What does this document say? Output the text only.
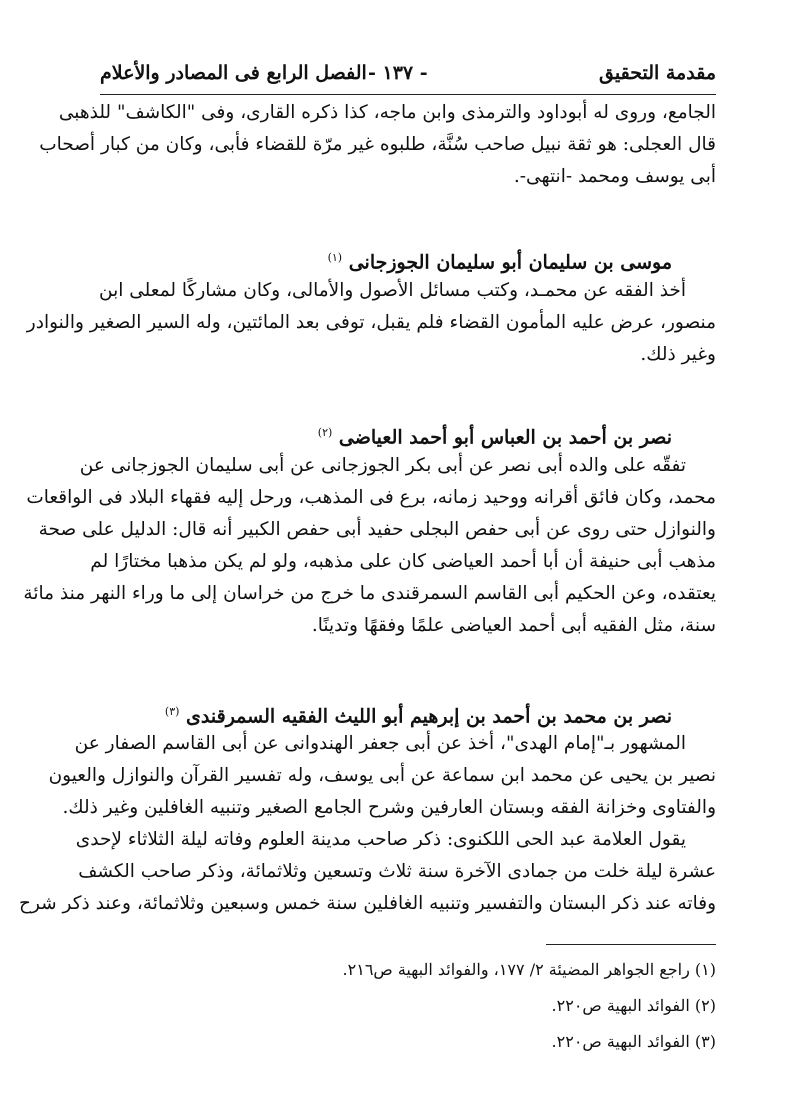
مقدمة التحقيق
- ١٣٧ -
الفصل الرابع فى المصادر والأعلام
الجامع، وروى له أبوداود والترمذى وابن ماجه، كذا ذكره القارى، وفى "الكاشف" للذهبى
قال العجلى: هو ثقة نبيل صاحب سُنَّة، طلبوه غير مرّة للقضاء فأبى، وكان من كبار أصحاب
أبى يوسف ومحمد -انتهى-.
موسى بن سليمان أبو سليمان الجوزجانى $^{(١)}$
أخذ الفقه عن محمـد، وكتب مسائل الأصول والأمالى، وكان مشاركًا لمعلى ابن
منصور، عرض عليه المأمون القضاء فلم يقبل، توفى بعد المائتين، وله السير الصغير والنوادر
وغير ذلك.
نصر بن أحمد بن العباس أبو أحمد العياضى $^{(٢)}$
تفقّه على والده أبى نصر عن أبى بكر الجوزجانى عن أبى سليمان الجوزجانى عن
محمد، وكان فائق أقرانه ووحيد زمانه، برع فى المذهب، ورحل إليه فقهاء البلاد فى الواقعات
والنوازل حتى روى عن أبى حفص البجلى حفيد أبى حفص الكبير أنه قال: الدليل على صحة
مذهب أبى حنيفة أن أبا أحمد العياضى كان على مذهبه، ولو لم يكن مذهبا مختارًا لم
يعتقده، وعن الحكيم أبى القاسم السمرقندى ما خرج من خراسان إلى ما وراء النهر منذ مائة
سنة، مثل الفقيه أبى أحمد العياضى علمًا وفقهًا وتدينًا.
نصر بن محمد بن أحمد بن إبرهيم أبو الليث الفقيه السمرقندى $^{(٣)}$
المشهور بـ"إمام الهدى"، أخذ عن أبى جعفر الهندوانى عن أبى القاسم الصفار عن
نصير بن يحيى عن محمد ابن سماعة عن أبى يوسف، وله تفسير القرآن والنوازل والعيون
والفتاوى وخزانة الفقه وبستان العارفين وشرح الجامع الصغير وتنبيه الغافلين وغير ذلك.
يقول العلامة عبد الحى اللكنوى: ذكر صاحب مدينة العلوم وفاته ليلة الثلاثاء لإحدى
عشرة ليلة خلت من جمادى الآخرة سنة ثلاث وتسعين وثلاثمائة، وذكر صاحب الكشف
وفاته عند ذكر البستان والتفسير وتنبيه الغافلين سنة خمس وسبعين وثلاثمائة، وعند ذكر شرح
(١) راجع الجواهر المضيئة ٢/ ١٧٧، والفوائد البهية ص٢١٦.
(٢) الفوائد البهية ص٢٢٠.
(٣) الفوائد البهية ص٢٢٠.
